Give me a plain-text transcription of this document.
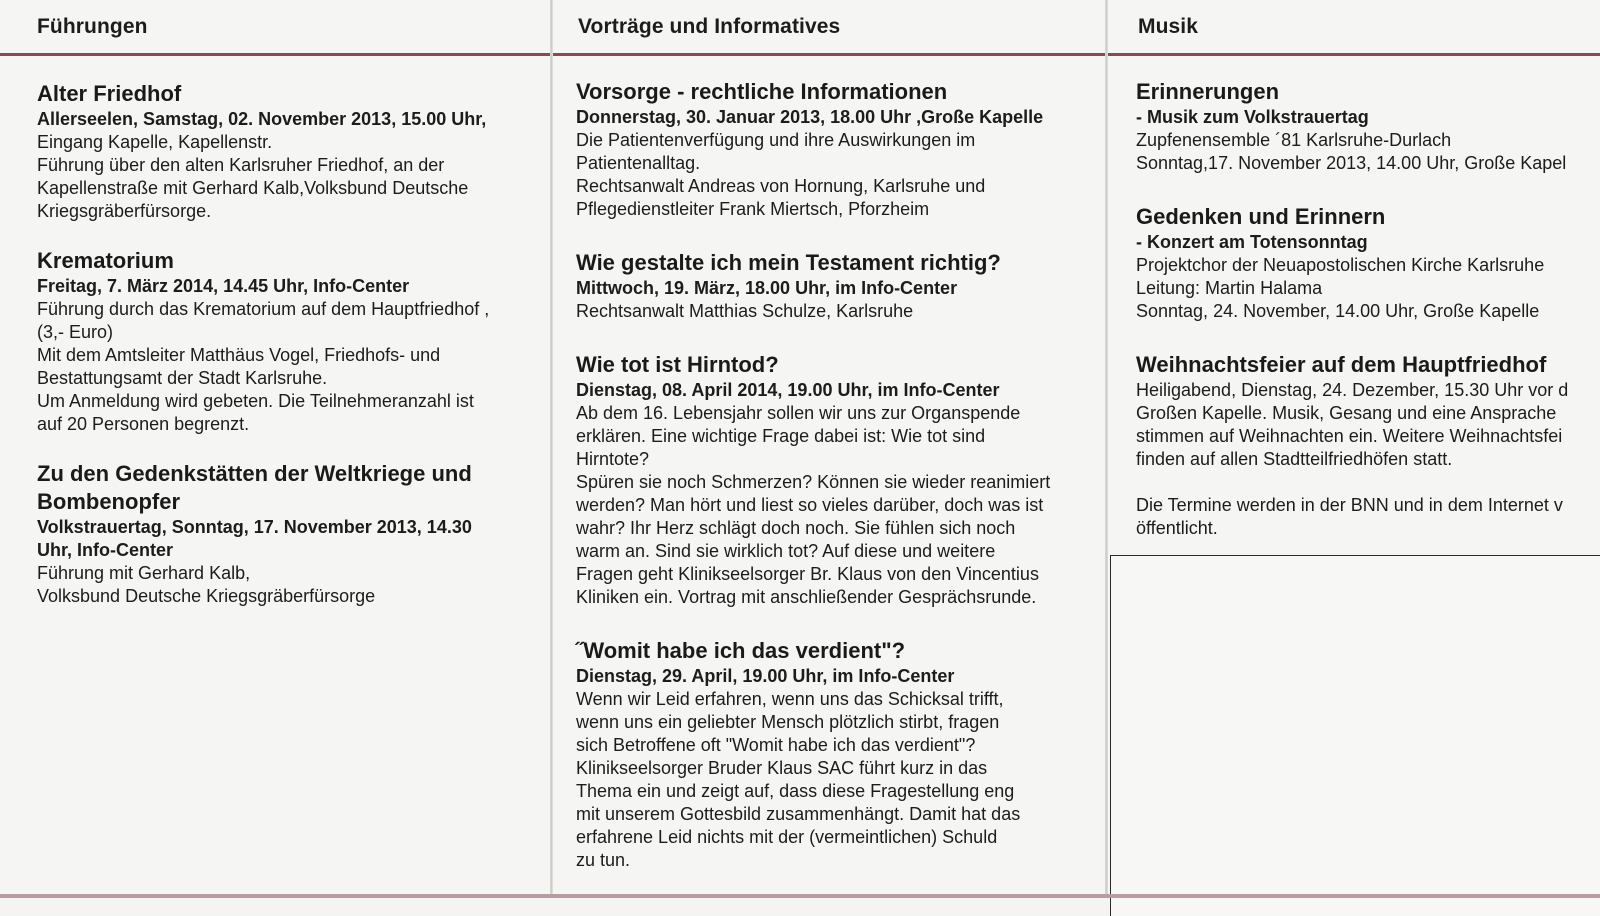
Führungen	Vorträge und Informatives	Musik
Alter Friedhof
Allerseelen, Samstag, 02. November 2013, 15.00 Uhr,
Eingang Kapelle, Kapellenstr.
Führung über den alten Karlsruher Friedhof, an der
Kapellenstraße mit Gerhard Kalb,Volksbund Deutsche
Kriegsgräberfürsorge.
Krematorium
Freitag, 7. März 2014, 14.45 Uhr, Info-Center
Führung durch das Krematorium auf dem Hauptfriedhof ,
(3,- Euro)
Mit dem Amtsleiter Matthäus Vogel, Friedhofs- und
Bestattungsamt der Stadt Karlsruhe.
Um Anmeldung wird gebeten. Die Teilnehmeranzahl ist
auf 20 Personen begrenzt.
Zu den Gedenkstätten der Weltkriege und
Bombenopfer
Volkstrauertag, Sonntag, 17. November 2013, 14.30
Uhr, Info-Center
Führung mit Gerhard Kalb,
Volksbund Deutsche Kriegsgräberfürsorge
Vorsorge - rechtliche Informationen
Donnerstag, 30. Januar 2013, 18.00 Uhr ,Große Kapelle
Die Patientenverfügung und ihre Auswirkungen im
Patientenalltag.
Rechtsanwalt Andreas von Hornung, Karlsruhe und
Pflegedienstleiter Frank Miertsch, Pforzheim
Wie gestalte ich mein Testament richtig?
Mittwoch, 19. März, 18.00 Uhr, im Info-Center
Rechtsanwalt Matthias Schulze, Karlsruhe
Wie tot ist Hirntod?
Dienstag, 08. April 2014, 19.00 Uhr, im Info-Center
Ab dem 16. Lebensjahr sollen wir uns zur Organspende
erklären. Eine wichtige Frage dabei ist: Wie tot sind
Hirntote?
Spüren sie noch Schmerzen? Können sie wieder reanimiert
werden? Man hört und liest so vieles darüber, doch was ist
wahr? Ihr Herz schlägt doch noch. Sie fühlen sich noch
warm an. Sind sie wirklich tot? Auf diese und weitere
Fragen geht Klinikseelsorger Br. Klaus von den Vincentius
Kliniken ein. Vortrag mit anschließender Gesprächsrunde.
˝Womit habe ich das verdient"?
Dienstag, 29. April, 19.00 Uhr, im Info-Center
Wenn wir Leid erfahren, wenn uns das Schicksal trifft,
wenn uns ein geliebter Mensch plötzlich stirbt, fragen
sich Betroffene oft "Womit habe ich das verdient"?
Klinikseelsorger Bruder Klaus SAC führt kurz in das
Thema ein und zeigt auf, dass diese Fragestellung eng
mit unserem Gottesbild zusammenhängt. Damit hat das
erfahrene Leid nichts mit der (vermeintlichen) Schuld
zu tun.
Erinnerungen
- Musik zum Volkstrauertag
Zupfenensemble ´81 Karlsruhe-Durlach
Sonntag,17. November 2013, 14.00 Uhr, Große Kapel
Gedenken und Erinnern
- Konzert am Totensonntag
Projektchor der Neuapostolischen Kirche Karlsruhe
Leitung: Martin Halama
Sonntag, 24. November, 14.00 Uhr, Große Kapelle
Weihnachtsfeier auf dem Hauptfriedhof
Heiligabend, Dienstag, 24. Dezember, 15.30 Uhr vor d
Großen Kapelle. Musik, Gesang und eine Ansprache
stimmen auf Weihnachten ein. Weitere Weihnachtsfei
finden auf allen Stadtteilfriedhöfen statt.
Die Termine werden in der BNN und in dem Internet v
öffentlicht.
